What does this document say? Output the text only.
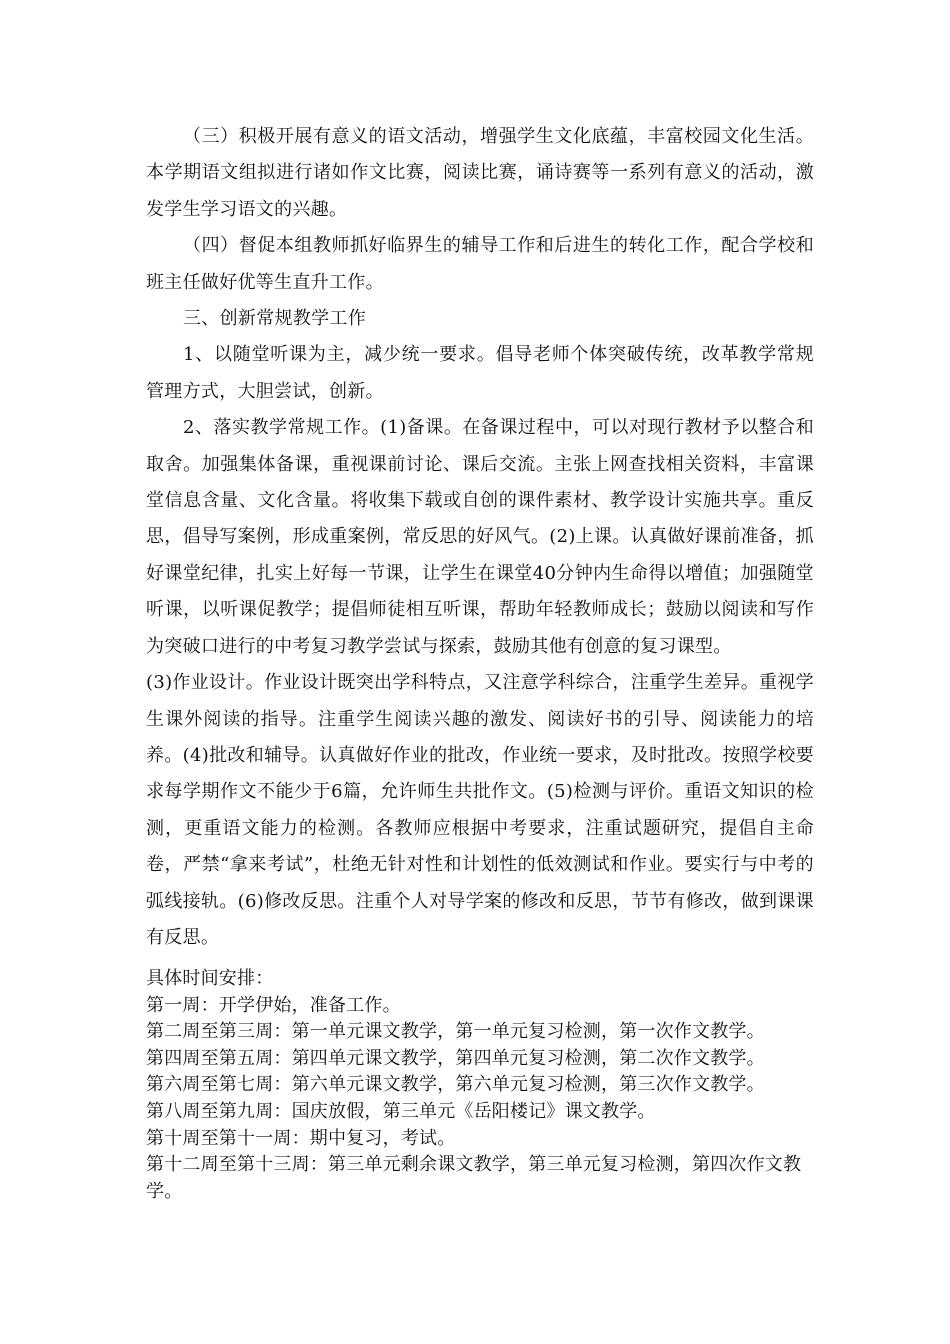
（三）积极开展有意义的语文活动，增强学生文化底蕴，丰富校园文化生活。本学期语文组拟进行诸如作文比赛，阅读比赛，诵诗赛等一系列有意义的活动，激发学生学习语文的兴趣。

（四）督促本组教师抓好临界生的辅导工作和后进生的转化工作，配合学校和班主任做好优等生直升工作。

三、创新常规教学工作

1、以随堂听课为主，减少统一要求。倡导老师个体突破传统，改革教学常规管理方式，大胆尝试，创新。

2、落实教学常规工作。(1)备课。在备课过程中，可以对现行教材予以整合和取舍。加强集体备课，重视课前讨论、课后交流。主张上网查找相关资料，丰富课堂信息含量、文化含量。将收集下载或自创的课件素材、教学设计实施共享。重反思，倡导写案例，形成重案例，常反思的好风气。(2)上课。认真做好课前准备，抓好课堂纪律，扎实上好每一节课，让学生在课堂40分钟内生命得以增值；加强随堂听课，以听课促教学；提倡师徒相互听课，帮助年轻教师成长；鼓励以阅读和写作为突破口进行的中考复习教学尝试与探索，鼓励其他有创意的复习课型。

(3)作业设计。作业设计既突出学科特点，又注意学科综合，注重学生差异。重视学生课外阅读的指导。注重学生阅读兴趣的激发、阅读好书的引导、阅读能力的培养。(4)批改和辅导。认真做好作业的批改，作业统一要求，及时批改。按照学校要求每学期作文不能少于6篇，允许师生共批作文。(5)检测与评价。重语文知识的检测，更重语文能力的检测。各教师应根据中考要求，注重试题研究，提倡自主命卷，严禁“拿来考试”，杜绝无针对性和计划性的低效测试和作业。要实行与中考的弧线接轨。(6)修改反思。注重个人对导学案的修改和反思，节节有修改，做到课课有反思。

具体时间安排：

第一周：开学伊始，准备工作。

第二周至第三周：第一单元课文教学，第一单元复习检测，第一次作文教学。

第四周至第五周：第四单元课文教学，第四单元复习检测，第二次作文教学。

第六周至第七周：第六单元课文教学，第六单元复习检测，第三次作文教学。

第八周至第九周：国庆放假，第三单元《岳阳楼记》课文教学。

第十周至第十一周：期中复习，考试。

第十二周至第十三周：第三单元剩余课文教学，第三单元复习检测，第四次作文教学。
